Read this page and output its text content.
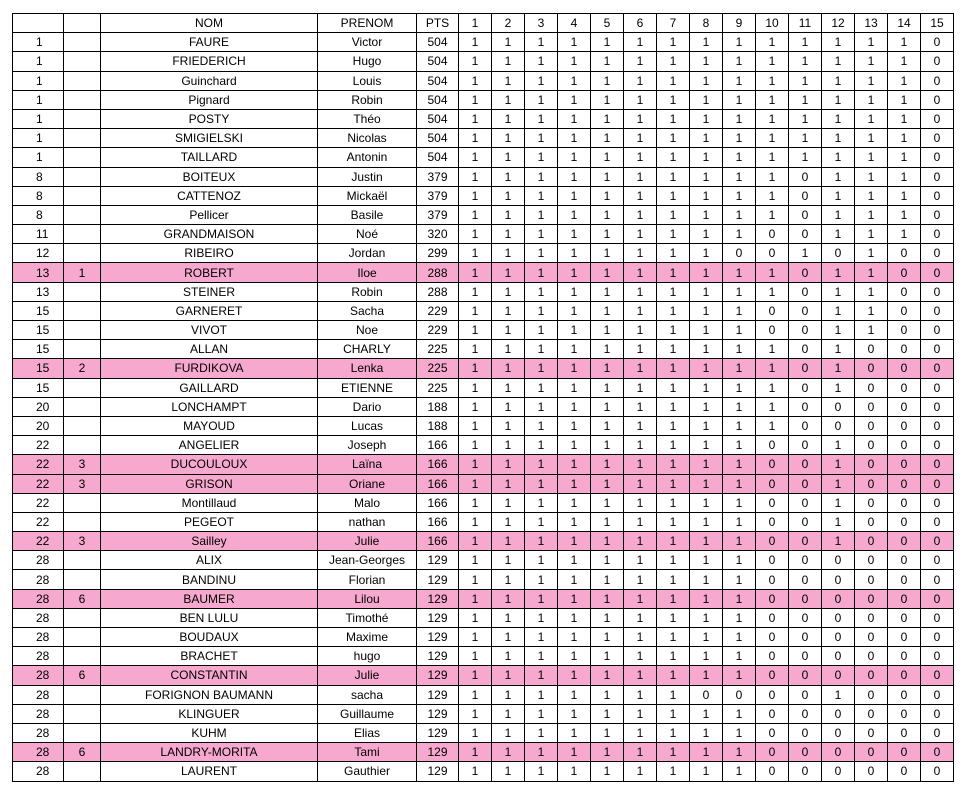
		NOM	PRENOM	PTS	1	2	3	4	5	6	7	8	9	10	11	12	13	14	15
1		FAURE	Victor	504	1	1	1	1	1	1	1	1	1	1	1	1	1	1	0
1		FRIEDERICH	Hugo	504	1	1	1	1	1	1	1	1	1	1	1	1	1	1	0
1		Guinchard	Louis	504	1	1	1	1	1	1	1	1	1	1	1	1	1	1	0
1		Pignard	Robin	504	1	1	1	1	1	1	1	1	1	1	1	1	1	1	0
1		POSTY	Théo	504	1	1	1	1	1	1	1	1	1	1	1	1	1	1	0
1		SMIGIELSKI	Nicolas	504	1	1	1	1	1	1	1	1	1	1	1	1	1	1	0
1		TAILLARD	Antonin	504	1	1	1	1	1	1	1	1	1	1	1	1	1	1	0
8		BOITEUX	Justin	379	1	1	1	1	1	1	1	1	1	1	0	1	1	1	0
8		CATTENOZ	Mickaël	379	1	1	1	1	1	1	1	1	1	1	0	1	1	1	0
8		Pellicer	Basile	379	1	1	1	1	1	1	1	1	1	1	0	1	1	1	0
11		GRANDMAISON	Noé	320	1	1	1	1	1	1	1	1	1	0	0	1	1	1	0
12		RIBEIRO	Jordan	299	1	1	1	1	1	1	1	1	0	0	1	0	1	0	0
13	1	ROBERT	Iloe	288	1	1	1	1	1	1	1	1	1	1	0	1	1	0	0
13		STEINER	Robin	288	1	1	1	1	1	1	1	1	1	1	0	1	1	0	0
15		GARNERET	Sacha	229	1	1	1	1	1	1	1	1	1	0	0	1	1	0	0
15		VIVOT	Noe	229	1	1	1	1	1	1	1	1	1	0	0	1	1	0	0
15		ALLAN	CHARLY	225	1	1	1	1	1	1	1	1	1	1	0	1	0	0	0
15	2	FURDIKOVA	Lenka	225	1	1	1	1	1	1	1	1	1	1	0	1	0	0	0
15		GAILLARD	ETIENNE	225	1	1	1	1	1	1	1	1	1	1	0	1	0	0	0
20		LONCHAMPT	Dario	188	1	1	1	1	1	1	1	1	1	1	0	0	0	0	0
20		MAYOUD	Lucas	188	1	1	1	1	1	1	1	1	1	1	0	0	0	0	0
22		ANGELIER	Joseph	166	1	1	1	1	1	1	1	1	1	0	0	1	0	0	0
22	3	DUCOULOUX	Laïna	166	1	1	1	1	1	1	1	1	1	0	0	1	0	0	0
22	3	GRISON	Oriane	166	1	1	1	1	1	1	1	1	1	0	0	1	0	0	0
22		Montillaud	Malo	166	1	1	1	1	1	1	1	1	1	0	0	1	0	0	0
22		PEGEOT	nathan	166	1	1	1	1	1	1	1	1	1	0	0	1	0	0	0
22	3	Sailley	Julie	166	1	1	1	1	1	1	1	1	1	0	0	1	0	0	0
28		ALIX	Jean-Georges	129	1	1	1	1	1	1	1	1	1	0	0	0	0	0	0
28		BANDINU	Florian	129	1	1	1	1	1	1	1	1	1	0	0	0	0	0	0
28	6	BAUMER	Lilou	129	1	1	1	1	1	1	1	1	1	0	0	0	0	0	0
28		BEN LULU	Timothé	129	1	1	1	1	1	1	1	1	1	0	0	0	0	0	0
28		BOUDAUX	Maxime	129	1	1	1	1	1	1	1	1	1	0	0	0	0	0	0
28		BRACHET	hugo	129	1	1	1	1	1	1	1	1	1	0	0	0	0	0	0
28	6	CONSTANTIN	Julie	129	1	1	1	1	1	1	1	1	1	0	0	0	0	0	0
28		FORIGNON BAUMANN	sacha	129	1	1	1	1	1	1	1	0	0	0	0	1	0	0	0
28		KLINGUER	Guillaume	129	1	1	1	1	1	1	1	1	1	0	0	0	0	0	0
28		KUHM	Elias	129	1	1	1	1	1	1	1	1	1	0	0	0	0	0	0
28	6	LANDRY-MORITA	Tami	129	1	1	1	1	1	1	1	1	1	0	0	0	0	0	0
28		LAURENT	Gauthier	129	1	1	1	1	1	1	1	1	1	0	0	0	0	0	0
